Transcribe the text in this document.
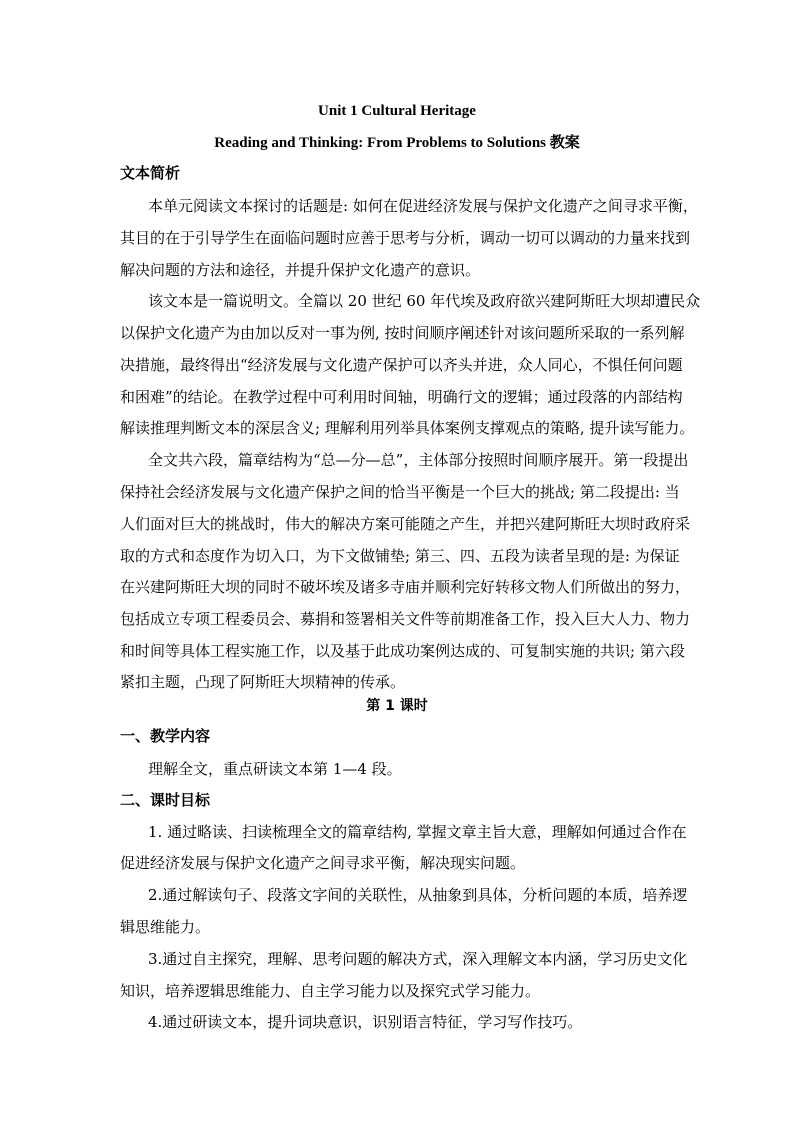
Unit 1 Cultural Heritage
Reading and Thinking: From Problems to Solutions 教案
文本简析
本单元阅读文本探讨的话题是: 如何在促进经济发展与保护文化遗产之间寻求平衡，
其目的在于引导学生在面临问题时应善于思考与分析，调动一切可以调动的力量来找到
解决问题的方法和途径，并提升保护文化遗产的意识。
该文本是一篇说明文。全篇以 20 世纪 60 年代埃及政府欲兴建阿斯旺大坝却遭民众
以保护文化遗产为由加以反对一事为例, 按时间顺序阐述针对该问题所采取的一系列解
决措施，最终得出“经济发展与文化遗产保护可以齐头并进，众人同心，不惧任何问题
和困难”的结论。在教学过程中可利用时间轴，明确行文的逻辑；通过段落的内部结构
解读推理判断文本的深层含义; 理解利用列举具体案例支撑观点的策略, 提升读写能力。
全文共六段，篇章结构为“总—分—总”，主体部分按照时间顺序展开。第一段提出
保持社会经济发展与文化遗产保护之间的恰当平衡是一个巨大的挑战; 第二段提出: 当
人们面对巨大的挑战时，伟大的解决方案可能随之产生，并把兴建阿斯旺大坝时政府采
取的方式和态度作为切入口，为下文做铺垫; 第三、四、五段为读者呈现的是: 为保证
在兴建阿斯旺大坝的同时不破坏埃及诸多寺庙并顺利完好转移文物人们所做出的努力，
包括成立专项工程委员会、募捐和签署相关文件等前期准备工作，投入巨大人力、物力
和时间等具体工程实施工作，以及基于此成功案例达成的、可复制实施的共识; 第六段
紧扣主题，凸现了阿斯旺大坝精神的传承。
第 1 课时
一、教学内容
理解全文，重点研读文本第 1—4 段。
二、课时目标
1. 通过略读、扫读梳理全文的篇章结构, 掌握文章主旨大意，理解如何通过合作在
促进经济发展与保护文化遗产之间寻求平衡，解决现实问题。
2.通过解读句子、段落文字间的关联性，从抽象到具体，分析问题的本质，培养逻
辑思维能力。
3.通过自主探究，理解、思考问题的解决方式，深入理解文本内涵，学习历史文化
知识，培养逻辑思维能力、自主学习能力以及探究式学习能力。
4.通过研读文本，提升词块意识，识别语言特征，学习写作技巧。
